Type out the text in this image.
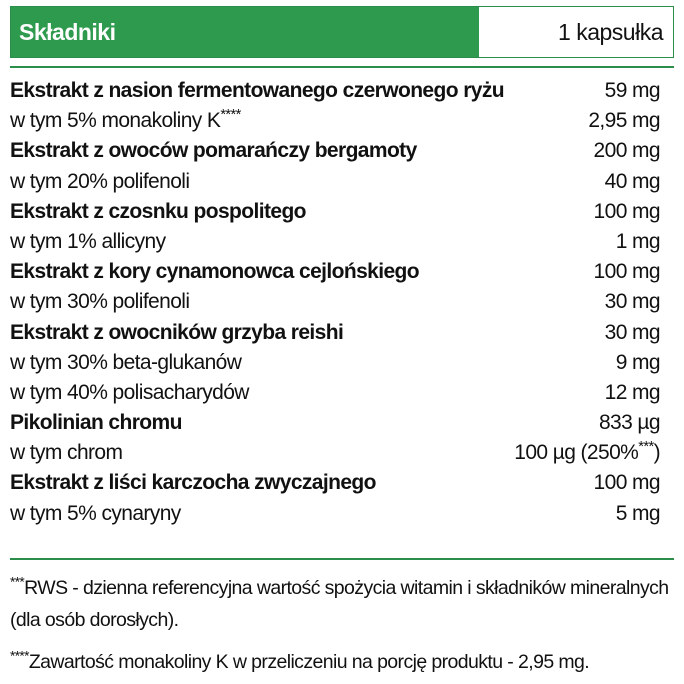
Składniki	1 kapsułka
Ekstrakt z nasion fermentowanego czerwonego ryżu	59 mg
w tym 5% monakoliny K****	2,95 mg
Ekstrakt z owoców pomarańczy bergamoty	200 mg
w tym 20% polifenoli	40 mg
Ekstrakt z czosnku pospolitego	100 mg
w tym 1% allicyny	1 mg
Ekstrakt z kory cynamonowca cejlońskiego	100 mg
w tym 30% polifenoli	30 mg
Ekstrakt z owocników grzyba reishi	30 mg
w tym 30% beta-glukanów	9 mg
w tym 40% polisacharydów	12 mg
Pikolinian chromu	833 µg
w tym chrom	100 µg (250%***)
Ekstrakt z liści karczocha zwyczajnego	100 mg
w tym 5% cynaryny	5 mg
***RWS - dzienna referencyjna wartość spożycia witamin i składników mineralnych (dla osób dorosłych).
****Zawartość monakoliny K w przeliczeniu na porcję produktu - 2,95 mg.
